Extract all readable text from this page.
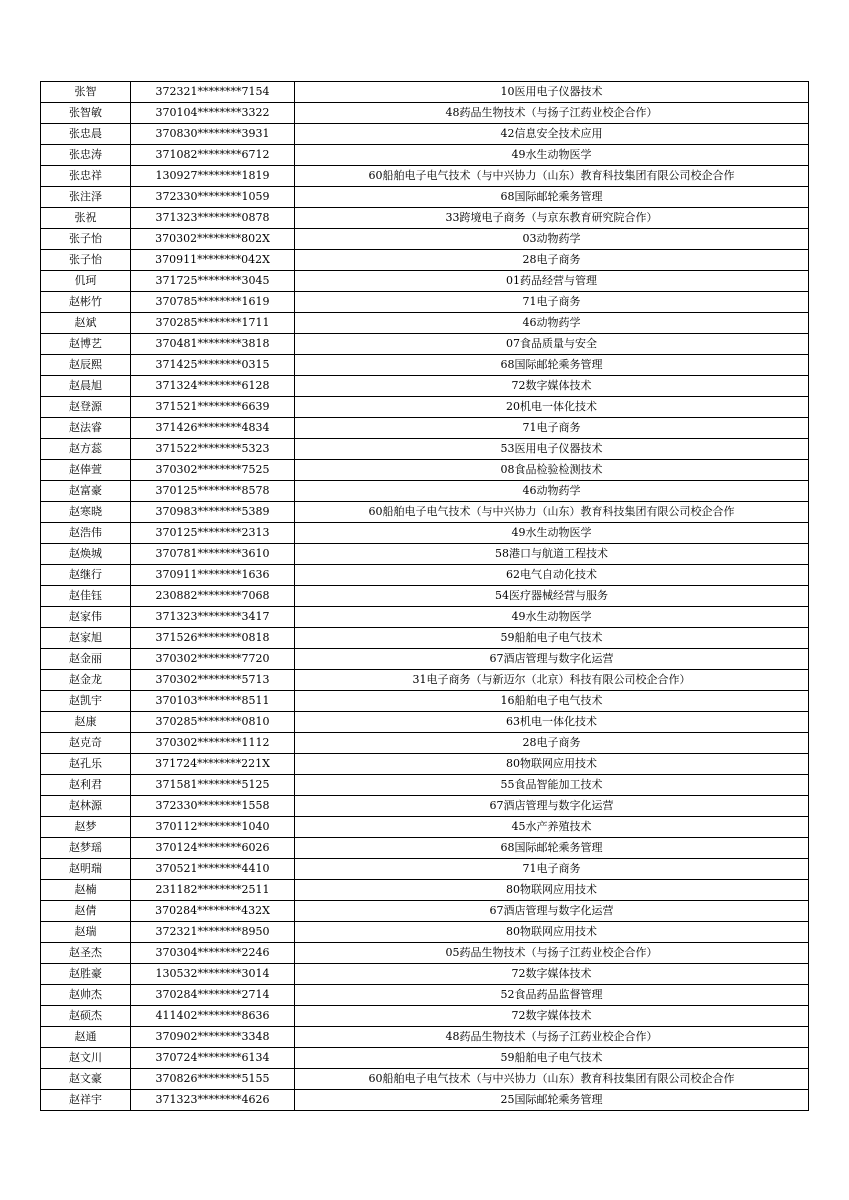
张智	372321********7154	10医用电子仪器技术
张智敏	370104********3322	48药品生物技术（与扬子江药业校企合作）
张忠晨	370830********3931	42信息安全技术应用
张忠涛	371082********6712	49水生动物医学
张忠祥	130927********1819	60船舶电子电气技术（与中兴协力（山东）教育科技集团有限公司校企合作
张注泽	372330********1059	68国际邮轮乘务管理
张祝	371323********0878	33跨境电子商务（与京东教育研究院合作）
张子怡	370302********802X	03动物药学
张子怡	370911********042X	28电子商务
仉珂	371725********3045	01药品经营与管理
赵彬竹	370785********1619	71电子商务
赵斌	370285********1711	46动物药学
赵博艺	370481********3818	07食品质量与安全
赵辰熙	371425********0315	68国际邮轮乘务管理
赵晨旭	371324********6128	72数字媒体技术
赵登源	371521********6639	20机电一体化技术
赵法睿	371426********4834	71电子商务
赵方蕊	371522********5323	53医用电子仪器技术
赵俸萱	370302********7525	08食品检验检测技术
赵富豪	370125********8578	46动物药学
赵寒晓	370983********5389	60船舶电子电气技术（与中兴协力（山东）教育科技集团有限公司校企合作
赵浩伟	370125********2313	49水生动物医学
赵焕城	370781********3610	58港口与航道工程技术
赵继行	370911********1636	62电气自动化技术
赵佳钰	230882********7068	54医疗器械经营与服务
赵家伟	371323********3417	49水生动物医学
赵家旭	371526********0818	59船舶电子电气技术
赵金丽	370302********7720	67酒店管理与数字化运营
赵金龙	370302********5713	31电子商务（与新迈尔（北京）科技有限公司校企合作）
赵凯宇	370103********8511	16船舶电子电气技术
赵康	370285********0810	63机电一体化技术
赵克奇	370302********1112	28电子商务
赵孔乐	371724********221X	80物联网应用技术
赵利君	371581********5125	55食品智能加工技术
赵林源	372330********1558	67酒店管理与数字化运营
赵梦	370112********1040	45水产养殖技术
赵梦瑶	370124********6026	68国际邮轮乘务管理
赵明瑞	370521********4410	71电子商务
赵楠	231182********2511	80物联网应用技术
赵倩	370284********432X	67酒店管理与数字化运营
赵瑞	372321********8950	80物联网应用技术
赵圣杰	370304********2246	05药品生物技术（与扬子江药业校企合作）
赵胜豪	130532********3014	72数字媒体技术
赵帅杰	370284********2714	52食品药品监督管理
赵硕杰	411402********8636	72数字媒体技术
赵通	370902********3348	48药品生物技术（与扬子江药业校企合作）
赵文川	370724********6134	59船舶电子电气技术
赵文豪	370826********5155	60船舶电子电气技术（与中兴协力（山东）教育科技集团有限公司校企合作
赵祥宇	371323********4626	25国际邮轮乘务管理
